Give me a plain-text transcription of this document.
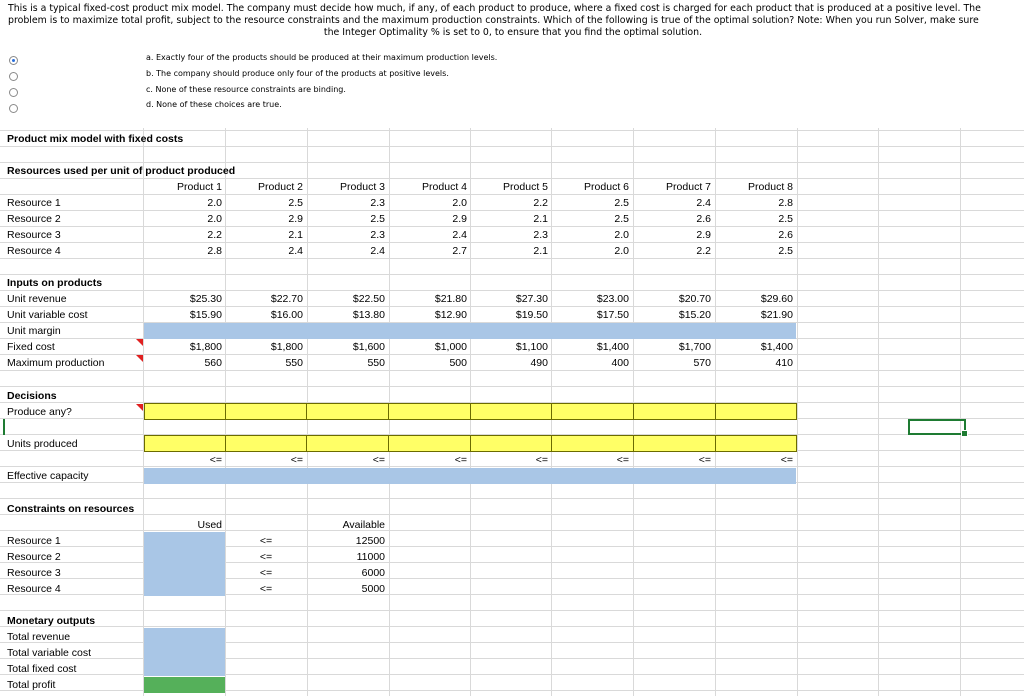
This is a typical fixed-cost product mix model. The company must decide how much, if any, of each product to produce, where a fixed cost is charged for each product that is produced at a positive level. The
problem is to maximize total profit, subject to the resource constraints and the maximum production constraints. Which of the following is true of the optimal solution? Note: When you run Solver, make sure
the Integer Optimality % is set to 0, to ensure that you find the optimal solution.
a. Exactly four of the products should be produced at their maximum production levels.
b. The company should produce only four of the products at positive levels.
c. None of these resource constraints are binding.
d. None of these choices are true.
Product mix model with fixed costs
Resources used per unit of product produced
Product 1	Product 2	Product 3	Product 4	Product 5	Product 6	Product 7	Product 8
Resource 1	2.0	2.5	2.3	2.0	2.2	2.5	2.4	2.8
Resource 2	2.0	2.9	2.5	2.9	2.1	2.5	2.6	2.5
Resource 3	2.2	2.1	2.3	2.4	2.3	2.0	2.9	2.6
Resource 4	2.8	2.4	2.4	2.7	2.1	2.0	2.2	2.5
Inputs on products
Unit revenue	$25.30	$22.70	$22.50	$21.80	$27.30	$23.00	$20.70	$29.60
Unit variable cost	$15.90	$16.00	$13.80	$12.90	$19.50	$17.50	$15.20	$21.90
Unit margin
Fixed cost	$1,800	$1,800	$1,600	$1,000	$1,100	$1,400	$1,700	$1,400
Maximum production	560	550	550	500	490	400	570	410
Decisions
Produce any?
Units produced
<=	<=	<=	<=	<=	<=	<=	<=
Effective capacity
Constraints on resources
Used	Available
Resource 1	<=	12500
Resource 2	<=	11000
Resource 3	<=	6000
Resource 4	<=	5000
Monetary outputs
Total revenue
Total variable cost
Total fixed cost
Total profit
